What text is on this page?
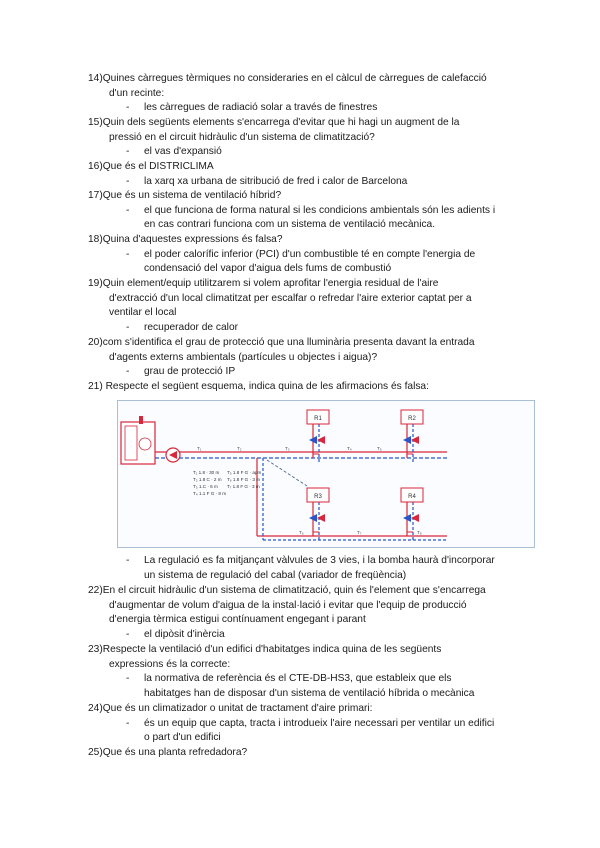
14)Quines càrregues tèrmiques no consideraries en el càlcul de càrregues de calefacció
d'un recinte:
-	les càrregues de radiació solar a través de finestres
15)Quin dels següents elements s'encarrega d'evitar que hi hagi un augment de la
pressió en el circuit hidràulic d'un sistema de climatització?
-	el vas d'expansió
16)Que és el DISTRICLIMA
-	la xarq xa urbana de sitribució de fred i calor de Barcelona
17)Que és un sistema de ventilació híbrid?
-	el que funciona de forma natural si les condicions ambientals són les adients i
en cas contrari funciona com un sistema de ventilació mecànica.
18)Quina d'aquestes expressions és falsa?
-	el poder calorífic inferior (PCI) d'un combustible té en compte l'energia de
condensació del vapor d'aigua dels fums de combustió
19)Quin element/equip utilitzarem si volem aprofitar l'energia residual de l'aire
d'extracció d'un local climatitzat per escalfar o refredar l'aire exterior captat per a
ventilar el local
-	recuperador de calor
20)com s'identifica el grau de protecció que una lluminària presenta davant la entrada
d'agents externs ambientals (partícules u objectes i aigua)?
-	grau de protecció IP
21) Respecte el següent esquema, indica quina de les afirmacions és falsa:
-	La regulació es fa mitjançant vàlvules de 3 vies, i la bomba haurà d'incorporar
un sistema de regulació del cabal (variador de freqüència)
22)En el circuit hidràulic d'un sistema de climatització, quin és l'element que s'encarrega
d'augmentar de volum d'aigua de la instal·lació i evitar que l'equip de producció
d'energia tèrmica estigui contínuament engegant i parant
-	el dipòsit d'inèrcia
23)Respecte la ventilació d'un edifici d'habitatges indica quina de les següents
expressions és la correcte:
-	la normativa de referència és el CTE-DB-HS3, que estableix que els
habitatges han de disposar d'un sistema de ventilació híbrida o mecànica
24)Que és un climatizador o unitat de tractament d'aire primari:
-	és un equip que capta, tracta i introdueix l'aire necessari per ventilar un edifici
o part d'un edifici
25)Que és una planta refredadora?
R1	R2
R3	R4
T₁ 1.8 · 30 m
T₂ 1.8 C · 2 m
T₃ 1.C · 6 m
T₄ 1.1 F G · 8 m
T₅ 1.8 F G · apm
T₆ 1.8 F G · 3 m
T₇ 1.8 F G · 3 m
T₁	T₂	T₃	T₄	T₅
T₆	T₇	T₈
